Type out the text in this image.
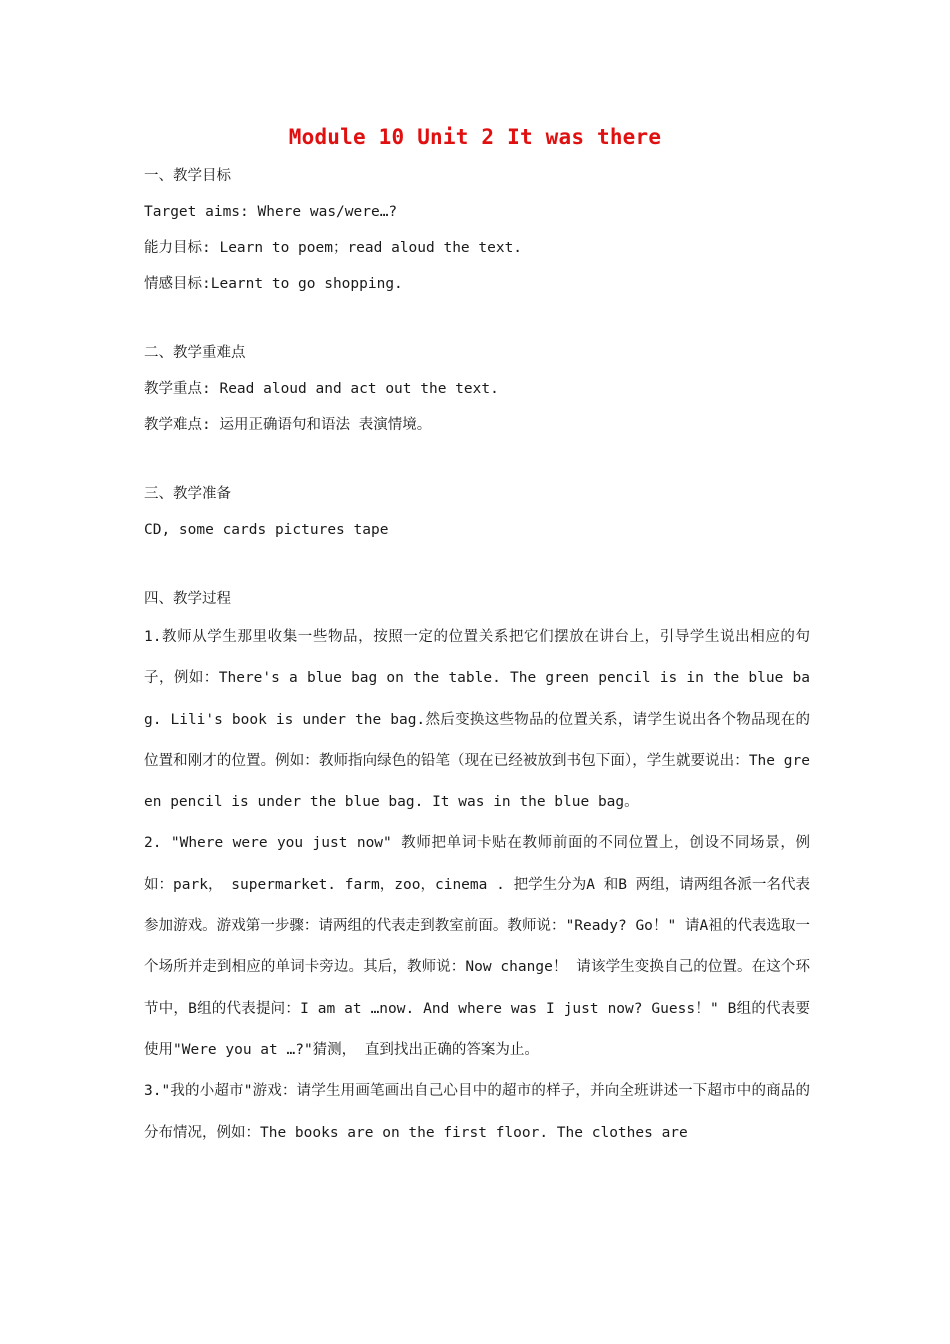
Module 10 Unit 2 It was there
一、教学目标
Target aims: Where was/were…?
能力目标: Learn to poem；read aloud the text.
情感目标:Learnt to go shopping.
二、教学重难点
教学重点: Read aloud and act out the text.
教学难点: 运用正确语句和语法 表演情境。
三、教学准备
CD, some cards pictures tape
四、教学过程
1.教师从学生那里收集一些物品，按照一定的位置关系把它们摆放在讲台上，引导学生说出相应的句子，例如：There's a blue bag on the table. The green pencil is in the blue bag. Lili's book is under the bag.然后变换这些物品的位置关系，请学生说出各个物品现在的位置和刚才的位置。例如：教师指向绿色的铅笔（现在已经被放到书包下面），学生就要说出：The green pencil is under the blue bag. It was in the blue bag。
2. "Where were you just now" 教师把单词卡贴在教师前面的不同位置上，创设不同场景，例如：park， supermarket. farm，zoo，cinema . 把学生分为A 和B 两组，请两组各派一名代表参加游戏。游戏第一步骤：请两组的代表走到教室前面。教师说："Ready? Go！" 请A祖的代表选取一个场所并走到相应的单词卡旁边。其后，教师说：Now change！ 请该学生变换自己的位置。在这个环节中，B组的代表提问：I am at …now. And where was I just now? Guess！" B组的代表要使用"Were you at …?"猜测， 直到找出正确的答案为止。
3."我的小超市"游戏：请学生用画笔画出自己心目中的超市的样子，并向全班讲述一下超市中的商品的分布情况，例如：The books are on the first floor. The clothes are
